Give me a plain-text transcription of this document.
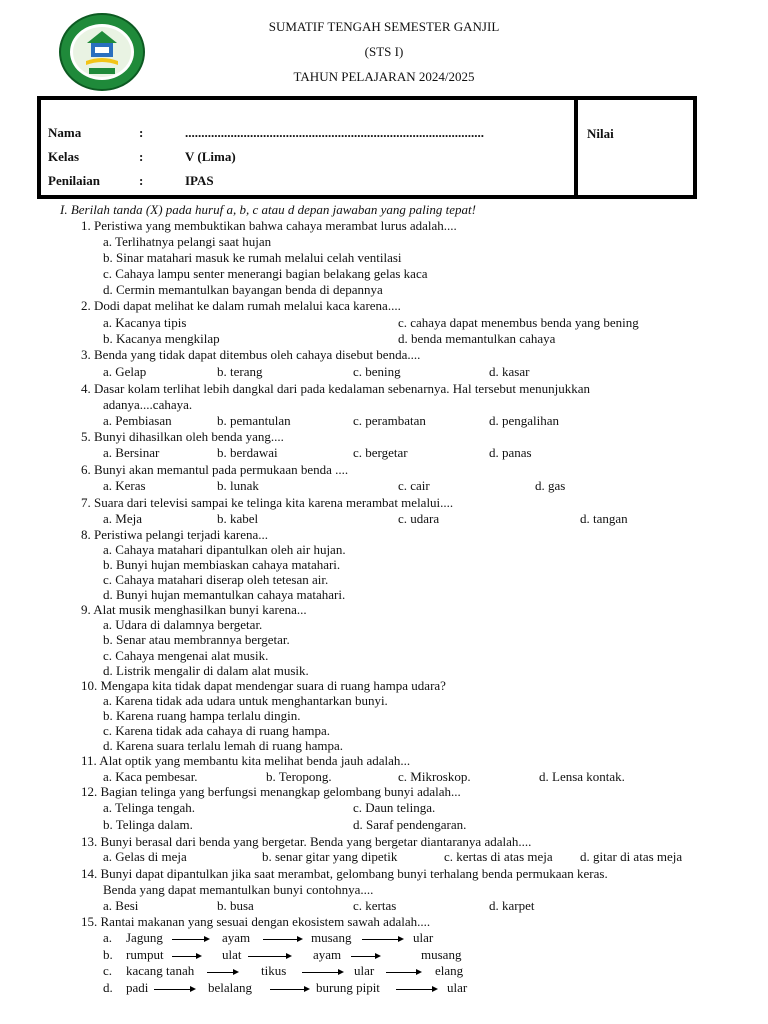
SUMATIF TENGAH SEMESTER GANJIL
(STS I)
TAHUN PELAJARAN 2024/2025
Nama	:	............................................................................................
Kelas	:	V (Lima)
Penilaian	:	IPAS
Nilai
I. Berilah tanda (X) pada huruf a, b, c atau d depan jawaban yang paling tepat!
1. Peristiwa yang membuktikan bahwa cahaya merambat lurus adalah....
a. Terlihatnya pelangi saat hujan
b. Sinar matahari masuk ke rumah melalui celah ventilasi
c. Cahaya lampu senter menerangi bagian belakang gelas kaca
d. Cermin memantulkan bayangan benda di depannya
2. Dodi dapat melihat ke dalam rumah melalui kaca karena....
a. Kacanya tipis	c. cahaya dapat menembus benda yang bening
b. Kacanya mengkilap	d. benda memantulkan cahaya
3. Benda yang tidak dapat ditembus oleh cahaya disebut benda....
a. Gelap	b. terang	c. bening	d. kasar
4. Dasar kolam terlihat lebih dangkal dari pada kedalaman sebenarnya. Hal tersebut menunjukkan
adanya....cahaya.
a. Pembiasan	b. pemantulan	c. perambatan	d. pengalihan
5. Bunyi dihasilkan oleh benda yang....
a. Bersinar	b. berdawai	c. bergetar	d. panas
6. Bunyi akan memantul pada permukaan benda ....
a. Keras	b. lunak	c. cair	d. gas
7. Suara dari televisi sampai ke telinga kita karena merambat melalui....
a. Meja	b. kabel	c. udara	d. tangan
8. Peristiwa pelangi terjadi karena...
a. Cahaya matahari dipantulkan oleh air hujan.
b. Bunyi hujan membiaskan cahaya matahari.
c. Cahaya matahari diserap oleh tetesan air.
d. Bunyi hujan memantulkan cahaya matahari.
9. Alat musik menghasilkan bunyi karena...
a. Udara di dalamnya bergetar.
b. Senar atau membrannya bergetar.
c. Cahaya mengenai alat musik.
d. Listrik mengalir di dalam alat musik.
10. Mengapa kita tidak dapat mendengar suara di ruang hampa udara?
a. Karena tidak ada udara untuk menghantarkan bunyi.
b. Karena ruang hampa terlalu dingin.
c. Karena tidak ada cahaya di ruang hampa.
d. Karena suara terlalu lemah di ruang hampa.
11. Alat optik yang membantu kita melihat benda jauh adalah...
a. Kaca pembesar.	b. Teropong.	c. Mikroskop.	d. Lensa kontak.
12. Bagian telinga yang berfungsi menangkap gelombang bunyi adalah...
a. Telinga tengah.	c. Daun telinga.
b. Telinga dalam.	d. Saraf pendengaran.
13. Bunyi berasal dari benda yang bergetar. Benda yang bergetar diantaranya adalah....
a. Gelas di meja	b. senar gitar yang dipetik	c. kertas di atas meja d. gitar di atas meja
14. Bunyi dapat dipantulkan jika saat merambat, gelombang bunyi terhalang benda permukaan keras.
Benda yang dapat memantulkan bunyi contohnya....
a. Besi	b. busa	c. kertas	d. karpet
15. Rantai makanan yang sesuai dengan ekosistem sawah adalah....
a. Jagung	ayam	musang	ular
b. rumput	ulat	ayam	musang
c. kacang tanah	tikus	ular	elang
d. padi	belalang	burung pipit	ular
